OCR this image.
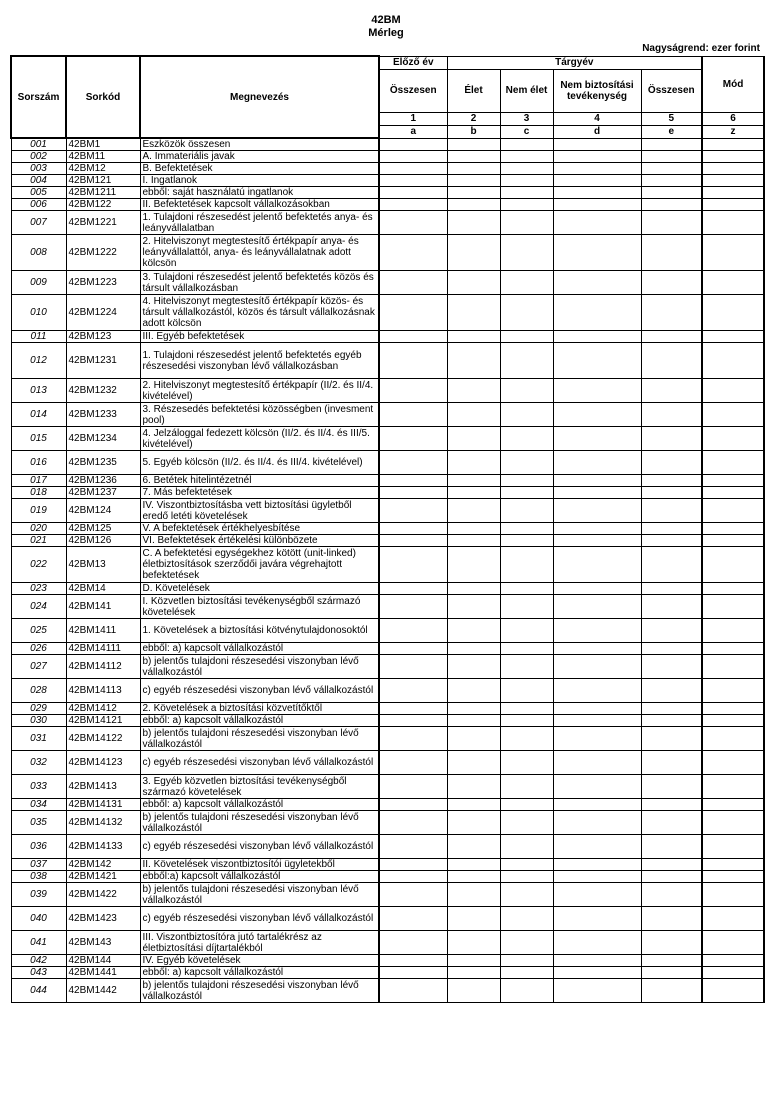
42BM
Mérleg
Nagyságrend: ezer forint
Sorszám	Sorkód	Megnevezés	Előző év	Tárgyév				Mód
			Összesen	Élet	Nem élet	Nem biztosítási tevékenység	Összesen	
			1	2	3	4	5	6
			a	b	c	d	e	z
001	42BM1	Eszközök összesen						
002	42BM11	A. Immateriális javak						
003	42BM12	B. Befektetések						
004	42BM121	I. Ingatlanok						
005	42BM1211	ebből: saját használatú ingatlanok						
006	42BM122	II. Befektetések kapcsolt vállalkozásokban						
007	42BM1221	1. Tulajdoni részesedést jelentő befektetés anya- és leányvállalatban						
008	42BM1222	2. Hitelviszonyt megtestesítő értékpapír anya- és leányvállalattól, anya- és leányvállalatnak adott kölcsön						
009	42BM1223	3. Tulajdoni részesedést jelentő befektetés közös és társult vállalkozásban						
010	42BM1224	4. Hitelviszonyt megtestesítő értékpapír közös- és társult vállalkozástól, közös és társult vállalkozásnak adott kölcsön						
011	42BM123	III. Egyéb befektetések						
012	42BM1231	1. Tulajdoni részesedést jelentő befektetés egyéb részesedési viszonyban lévő vállalkozásban						
013	42BM1232	2. Hitelviszonyt megtestesítő értékpapír (II/2. és II/4. kivételével)						
014	42BM1233	3. Részesedés befektetési közösségben (invesment pool)						
015	42BM1234	4. Jelzáloggal fedezett kölcsön (II/2. és II/4. és III/5. kivételével)						
016	42BM1235	5. Egyéb kölcsön (II/2. és II/4. és III/4. kivételével)						
017	42BM1236	6. Betétek hitelintézetnél						
018	42BM1237	7. Más befektetések						
019	42BM124	IV. Viszontbiztosításba vett biztosítási ügyletből eredő letéti követelések						
020	42BM125	V. A befektetések értékhelyesbítése						
021	42BM126	VI. Befektetések értékelési különbözete						
022	42BM13	C. A befektetési egységekhez kötött (unit-linked) életbiztosítások szerződői javára végrehajtott befektetések						
023	42BM14	D. Követelések						
024	42BM141	I. Közvetlen biztosítási tevékenységből származó követelések						
025	42BM1411	1. Követelések a biztosítási kötvénytulajdonosoktól						
026	42BM14111	ebből: a) kapcsolt vállalkozástól						
027	42BM14112	b) jelentős tulajdoni részesedési viszonyban lévő vállalkozástól						
028	42BM14113	c) egyéb részesedési viszonyban lévő vállalkozástól						
029	42BM1412	2. Követelések a biztosítási közvetítőktől						
030	42BM14121	ebből: a) kapcsolt vállalkozástól						
031	42BM14122	b) jelentős tulajdoni részesedési viszonyban lévő vállalkozástól						
032	42BM14123	c) egyéb részesedési viszonyban lévő vállalkozástól						
033	42BM1413	3. Egyéb közvetlen biztosítási tevékenységből származó követelések						
034	42BM14131	ebből: a) kapcsolt vállalkozástól						
035	42BM14132	b) jelentős tulajdoni részesedési viszonyban lévő vállalkozástól						
036	42BM14133	c) egyéb részesedési viszonyban lévő vállalkozástól						
037	42BM142	II. Követelések viszontbiztosítói ügyletekből						
038	42BM1421	ebből:a) kapcsolt vállalkozástól						
039	42BM1422	b) jelentős tulajdoni részesedési viszonyban lévő vállalkozástól						
040	42BM1423	c) egyéb részesedési viszonyban lévő vállalkozástól						
041	42BM143	III. Viszontbiztosítóra jutó tartalékrész az életbiztosítási díjtartalékból						
042	42BM144	IV. Egyéb követelések						
043	42BM1441	ebből: a) kapcsolt vállalkozástól						
044	42BM1442	b) jelentős tulajdoni részesedési viszonyban lévő vállalkozástól						
